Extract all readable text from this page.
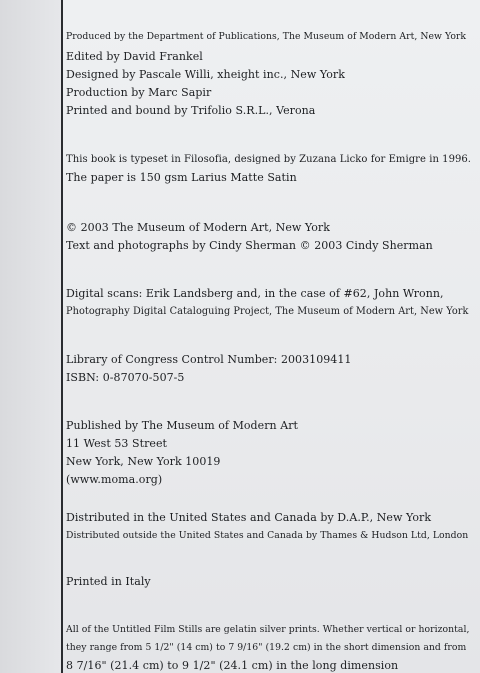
Produced by the Department of Publications, The Museum of Modern Art, New York
Edited by David Frankel
Designed by Pascale Willi, xheight inc., New York
Production by Marc Sapir
Printed and bound by Trifolio S.R.L., Verona
This book is typeset in Filosofia, designed by Zuzana Licko for Emigre in 1996.
The paper is 150 gsm Larius Matte Satin
© 2003 The Museum of Modern Art, New York
Text and photographs by Cindy Sherman © 2003 Cindy Sherman
Digital scans: Erik Landsberg and, in the case of #62, John Wronn,
Photography Digital Cataloguing Project, The Museum of Modern Art, New York
Library of Congress Control Number: 2003109411
ISBN: 0-87070-507-5
Published by The Museum of Modern Art
11 West 53 Street
New York, New York 10019
(www.moma.org)
Distributed in the United States and Canada by D.A.P., New York
Distributed outside the United States and Canada by Thames & Hudson Ltd, London
Printed in Italy
All of the Untitled Film Stills are gelatin silver prints. Whether vertical or horizontal,
they range from 5 1/2" (14 cm) to 7 9/16" (19.2 cm) in the short dimension and from
8 7/16" (21.4 cm) to 9 1/2" (24.1 cm) in the long dimension
